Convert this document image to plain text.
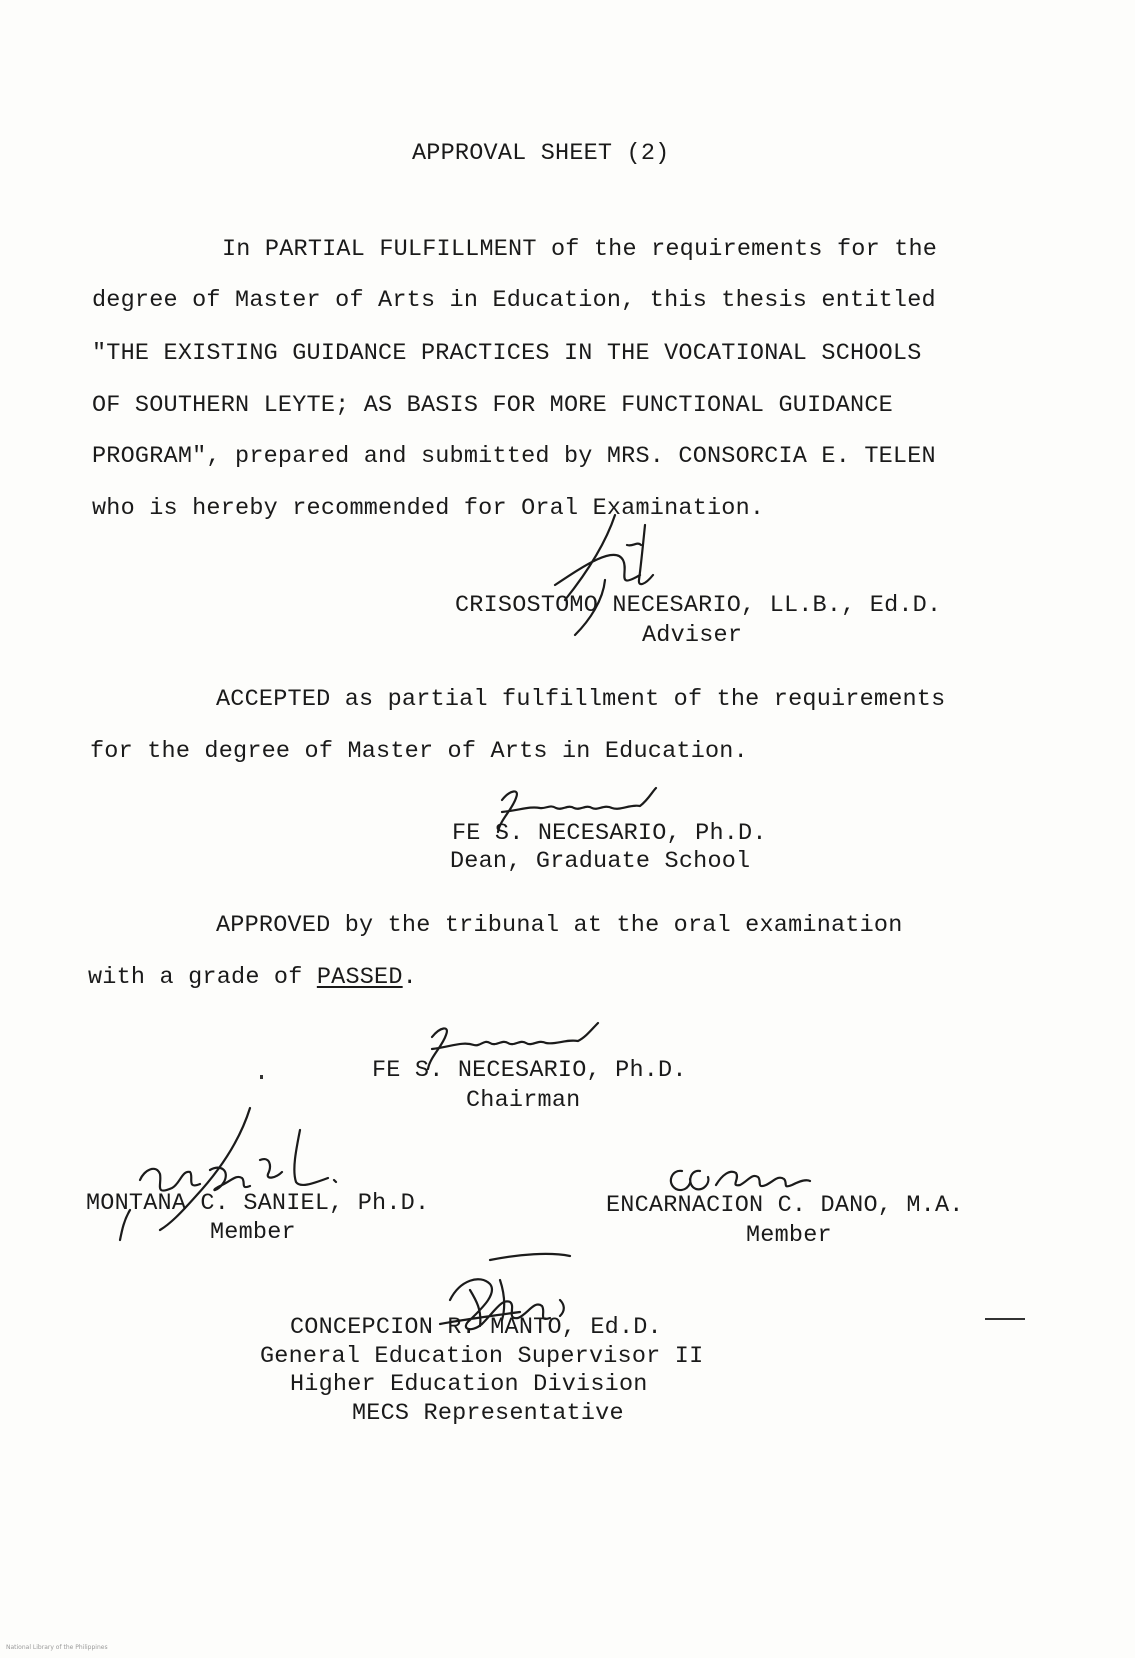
APPROVAL SHEET (2)
In PARTIAL FULFILLMENT of the requirements for the
degree of Master of Arts in Education, this thesis entitled
"THE EXISTING GUIDANCE PRACTICES IN THE VOCATIONAL SCHOOLS
OF SOUTHERN LEYTE; AS BASIS FOR MORE FUNCTIONAL GUIDANCE
PROGRAM", prepared and submitted by MRS. CONSORCIA E. TELEN
who is hereby recommended for Oral Examination.
CRISOSTOMO NECESARIO, LL.B., Ed.D.
Adviser
ACCEPTED as partial fulfillment of the requirements
for the degree of Master of Arts in Education.
FE S. NECESARIO, Ph.D.
Dean, Graduate School
APPROVED by the tribunal at the oral examination
with a grade of PASSED.
FE S. NECESARIO, Ph.D.
Chairman
MONTANA C. SANIEL, Ph.D.
Member
ENCARNACION C. DANO, M.A.
Member
CONCEPCION R. MANTO, Ed.D.
General Education Supervisor II
Higher Education Division
MECS Representative
National Library of the Philippines
